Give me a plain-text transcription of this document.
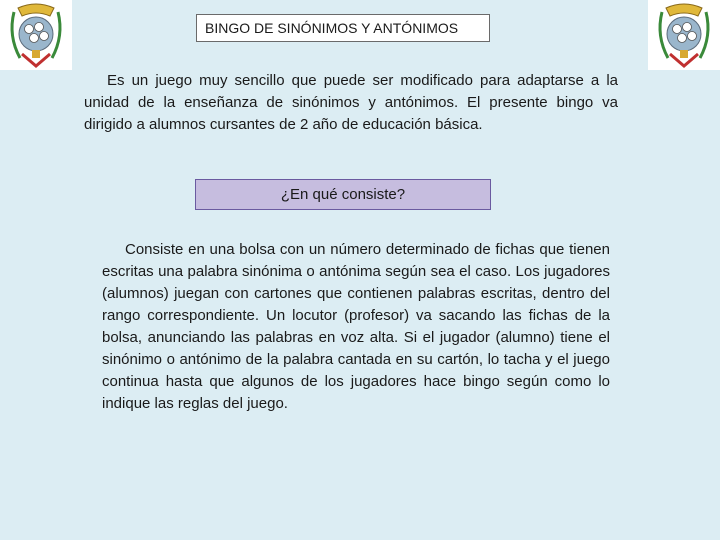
BINGO DE SINÓNIMOS Y ANTÓNIMOS

Es un juego muy sencillo que puede ser modificado para adaptarse a la unidad de la enseñanza de sinónimos y antónimos. El presente bingo va dirigido a alumnos cursantes de 2 año de educación básica.

¿En qué consiste?

Consiste en una bolsa con un número determinado de fichas que tienen escritas una palabra sinónima o antónima según sea el caso. Los jugadores (alumnos) juegan con cartones que contienen palabras escritas, dentro del rango correspondiente. Un locutor (profesor) va sacando las fichas de la bolsa, anunciando las palabras en voz alta. Si el jugador (alumno) tiene el sinónimo o antónimo de la palabra cantada en su cartón, lo tacha y el juego continua hasta que algunos de los jugadores hace bingo según como lo indique las reglas del juego.
